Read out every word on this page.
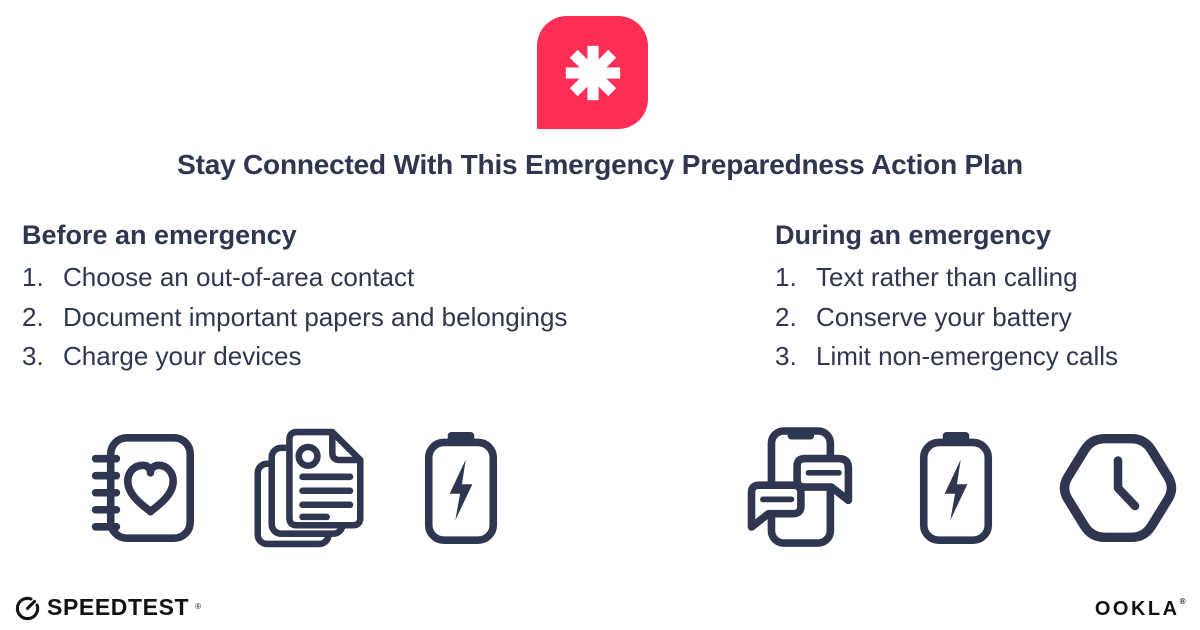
Stay Connected With This Emergency Preparedness Action Plan
Before an emergency
1. Choose an out-of-area contact
2. Document important papers and belongings
3. Charge your devices
During an emergency
1. Text rather than calling
2. Conserve your battery
3. Limit non-emergency calls
SPEEDTEST ®	OOKLA®
